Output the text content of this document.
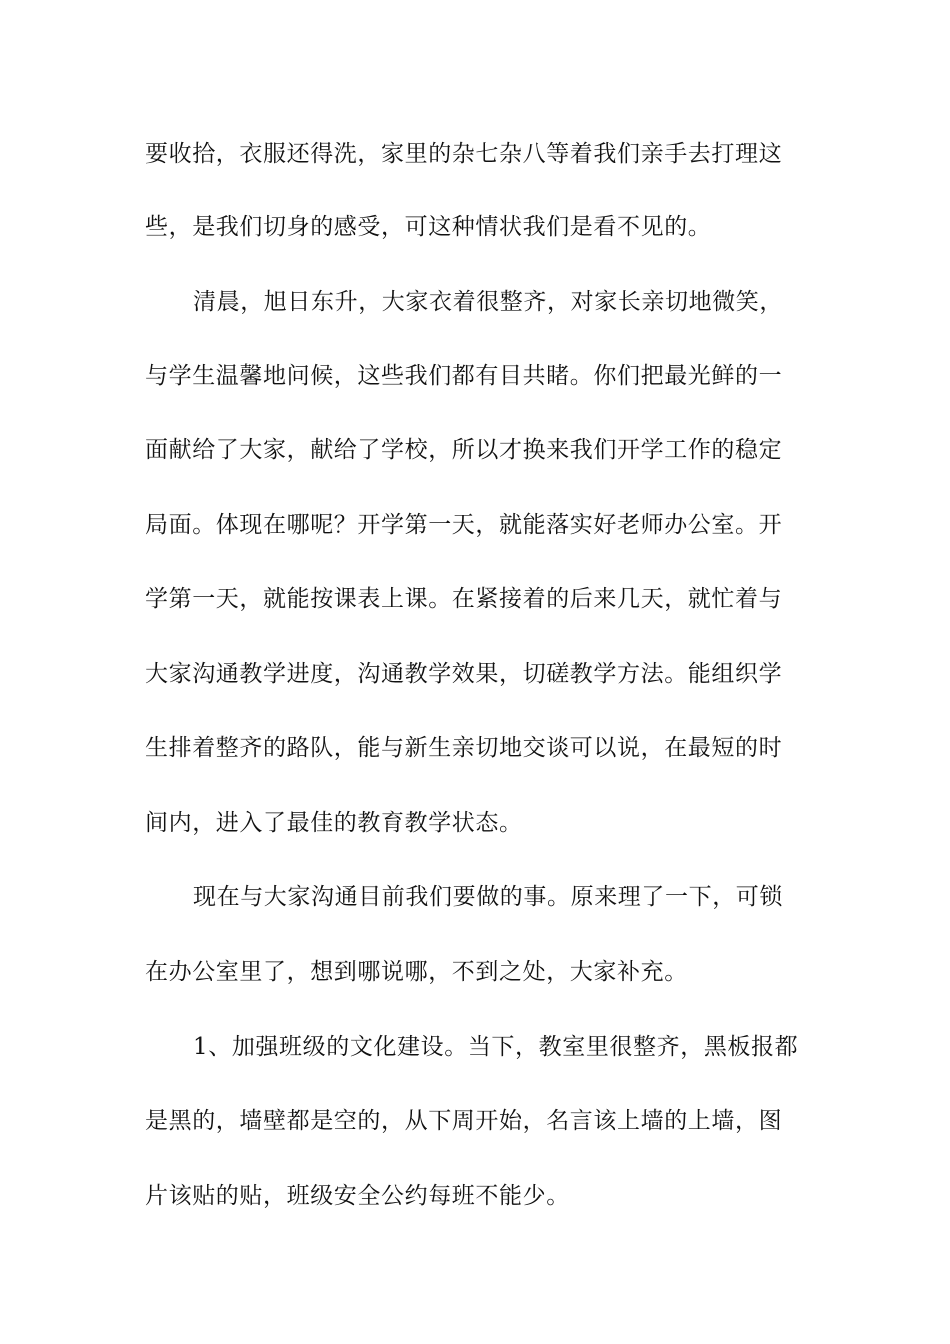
要收拾，衣服还得洗，家里的杂七杂八等着我们亲手去打理这
些，是我们切身的感受，可这种情状我们是看不见的。
清晨，旭日东升，大家衣着很整齐，对家长亲切地微笑，
与学生温馨地问候，这些我们都有目共睹。你们把最光鲜的一
面献给了大家，献给了学校，所以才换来我们开学工作的稳定
局面。体现在哪呢？开学第一天，就能落实好老师办公室。开
学第一天，就能按课表上课。在紧接着的后来几天，就忙着与
大家沟通教学进度，沟通教学效果，切磋教学方法。能组织学
生排着整齐的路队，能与新生亲切地交谈可以说，在最短的时
间内，进入了最佳的教育教学状态。
现在与大家沟通目前我们要做的事。原来理了一下，可锁
在办公室里了，想到哪说哪，不到之处，大家补充。
1、加强班级的文化建设。当下，教室里很整齐，黑板报都
是黑的，墙壁都是空的，从下周开始，名言该上墙的上墙，图
片该贴的贴，班级安全公约每班不能少。
